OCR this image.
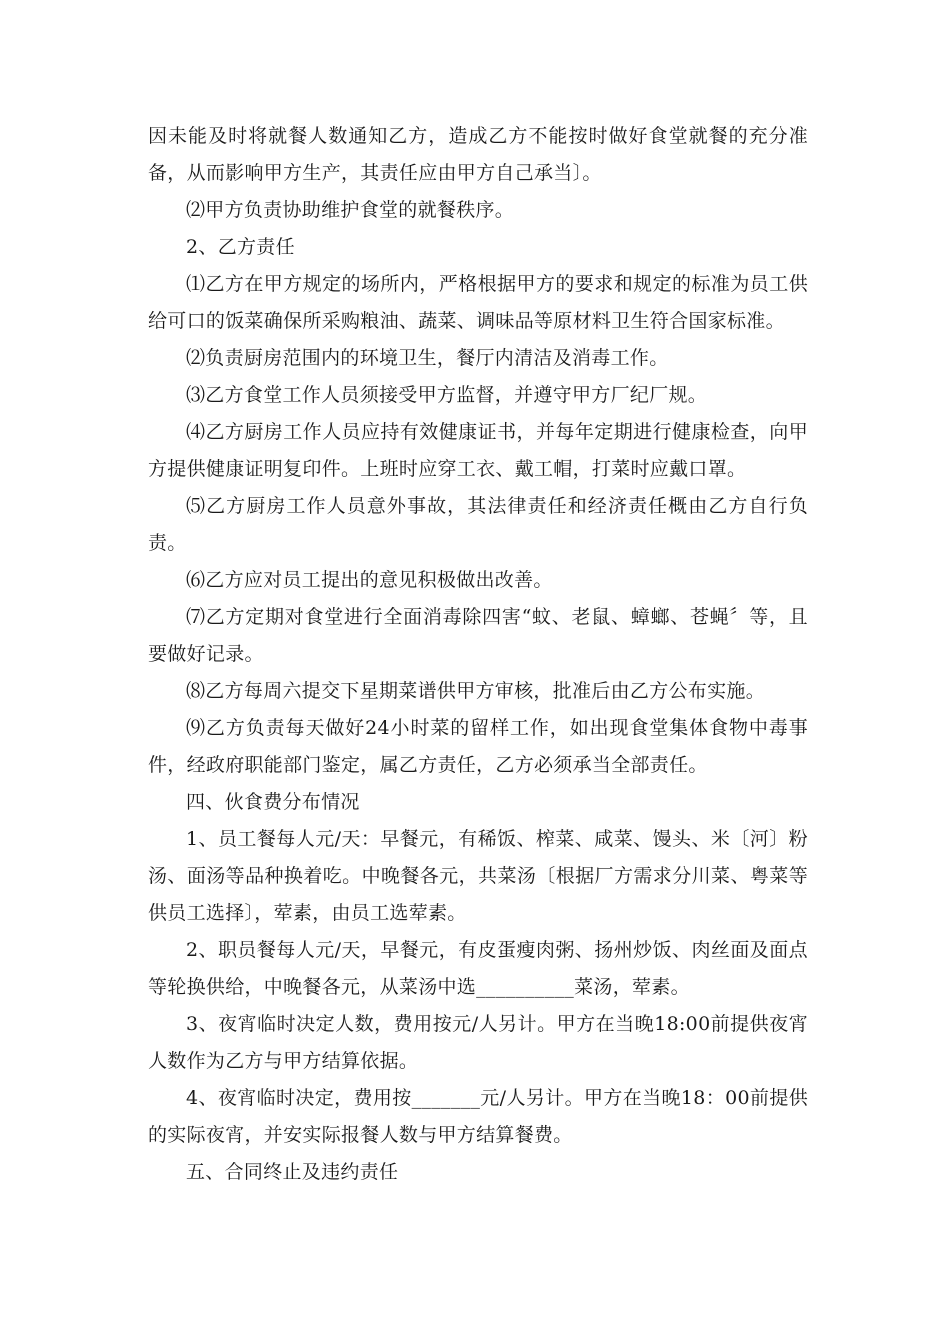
因未能及时将就餐人数通知乙方，造成乙方不能按时做好食堂就餐的充分准备，从而影响甲方生产，其责任应由甲方自己承当〕。

⑵甲方负责协助维护食堂的就餐秩序。

2、乙方责任

⑴乙方在甲方规定的场所内，严格根据甲方的要求和规定的标准为员工供给可口的饭菜确保所采购粮油、蔬菜、调味品等原材料卫生符合国家标准。

⑵负责厨房范围内的环境卫生，餐厅内清洁及消毒工作。

⑶乙方食堂工作人员须接受甲方监督，并遵守甲方厂纪厂规。

⑷乙方厨房工作人员应持有效健康证书，并每年定期进行健康检查，向甲方提供健康证明复印件。上班时应穿工衣、戴工帽，打菜时应戴口罩。

⑸乙方厨房工作人员意外事故，其法律责任和经济责任概由乙方自行负责。

⑹乙方应对员工提出的意见积极做出改善。

⑺乙方定期对食堂进行全面消毒除四害“蚊、老鼠、蟑螂、苍蝇〞等，且要做好记录。

⑻乙方每周六提交下星期菜谱供甲方审核，批准后由乙方公布实施。

⑼乙方负责每天做好24小时菜的留样工作，如出现食堂集体食物中毒事件，经政府职能部门鉴定，属乙方责任，乙方必须承当全部责任。

四、伙食费分布情况

1、员工餐每人元/天：早餐元，有稀饭、榨菜、咸菜、馒头、米〔河〕粉汤、面汤等品种换着吃。中晚餐各元，共菜汤〔根据厂方需求分川菜、粤菜等供员工选择〕，荤素，由员工选荤素。

2、职员餐每人元/天，早餐元，有皮蛋瘦肉粥、扬州炒饭、肉丝面及面点等轮换供给，中晚餐各元，从菜汤中选__________菜汤，荤素。

3、夜宵临时决定人数，费用按元/人另计。甲方在当晚18:00前提供夜宵人数作为乙方与甲方结算依据。

4、夜宵临时决定，费用按_______元/人另计。甲方在当晚18：00前提供的实际夜宵，并安实际报餐人数与甲方结算餐费。

五、合同终止及违约责任
